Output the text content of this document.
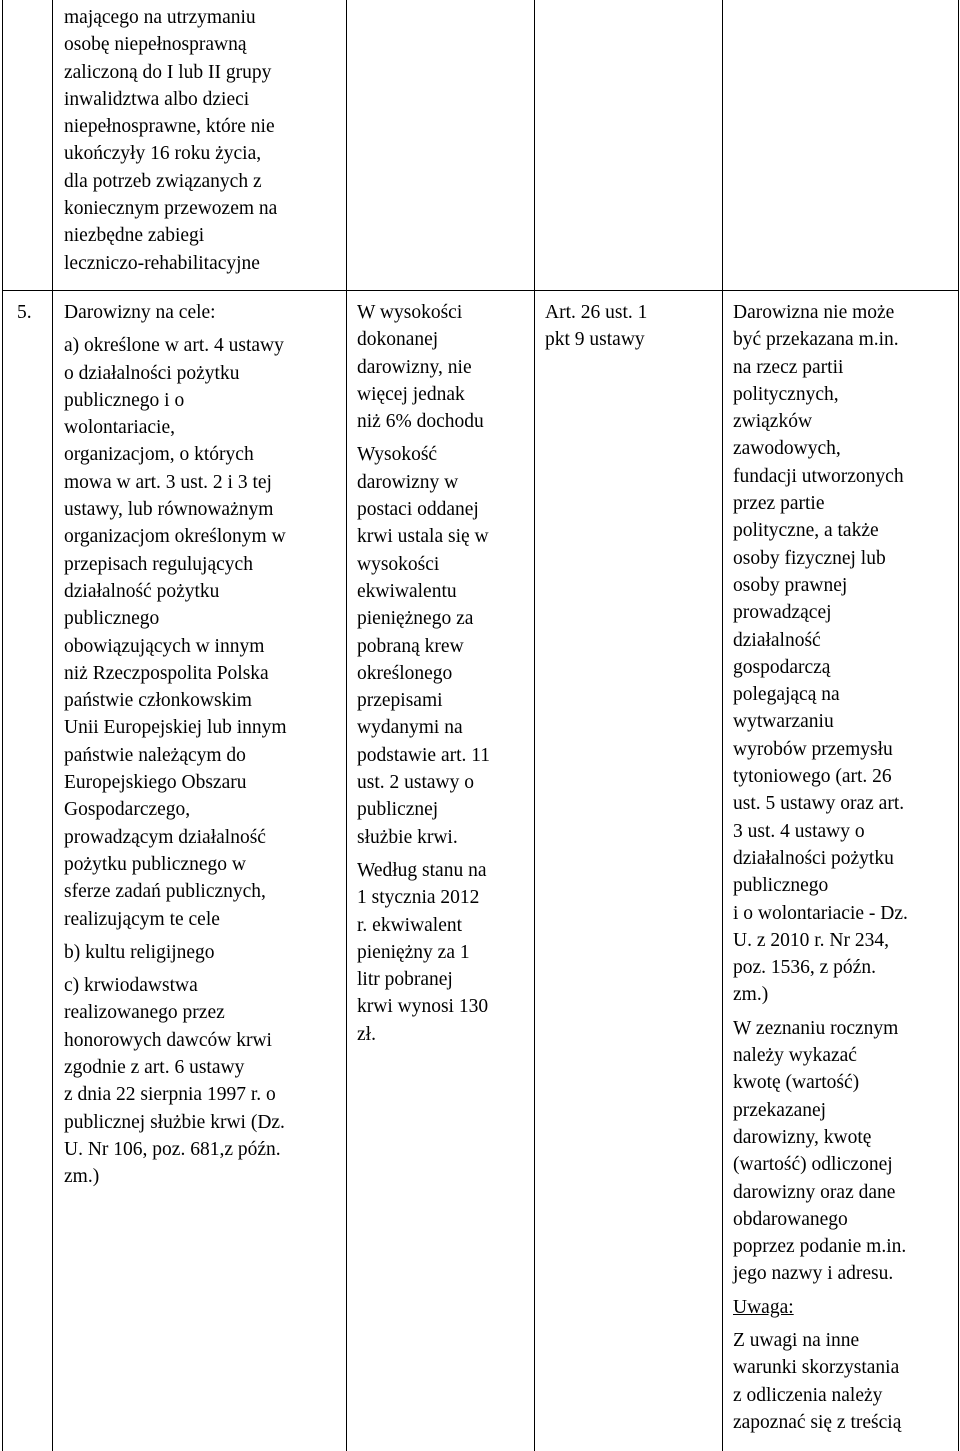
mającego na utrzymaniu
osobę niepełnosprawną
zaliczoną do I lub II grupy
inwalidztwa albo dzieci
niepełnosprawne, które nie
ukończyły 16 roku życia,
dla potrzeb związanych z
koniecznym przewozem na
niezbędne zabiegi
leczniczo-rehabilitacyjne
5. Darowizny na cele:
a) określone w art. 4 ustawy
o działalności pożytku
publicznego i o
wolontariacie,
organizacjom, o których
mowa w art. 3 ust. 2 i 3 tej
ustawy, lub równoważnym
organizacjom określonym w
przepisach regulujących
działalność pożytku
publicznego
obowiązujących w innym
niż Rzeczpospolita Polska
państwie członkowskim
Unii Europejskiej lub innym
państwie należącym do
Europejskiego Obszaru
Gospodarczego,
prowadzącym działalność
pożytku publicznego w
sferze zadań publicznych,
realizującym te cele
b) kultu religijnego
c) krwiodawstwa
realizowanego przez
honorowych dawców krwi
zgodnie z art. 6 ustawy
z dnia 22 sierpnia 1997 r. o
publicznej służbie krwi (Dz.
U. Nr 106, poz. 681,z późn.
zm.)
W wysokości
dokonanej
darowizny, nie
więcej jednak
niż 6% dochodu
Wysokość
darowizny w
postaci oddanej
krwi ustala się w
wysokości
ekwiwalentu
pieniężnego za
pobraną krew
określonego
przepisami
wydanymi na
podstawie art. 11
ust. 2 ustawy o
publicznej
służbie krwi.
Według stanu na
1 stycznia 2012
r. ekwiwalent
pieniężny za 1
litr pobranej
krwi wynosi 130
zł.
Art. 26 ust. 1
pkt 9 ustawy
Darowizna nie może
być przekazana m.in.
na rzecz partii
politycznych,
związków
zawodowych,
fundacji utworzonych
przez partie
polityczne, a także
osoby fizycznej lub
osoby prawnej
prowadzącej
działalność
gospodarczą
polegającą na
wytwarzaniu
wyrobów przemysłu
tytoniowego (art. 26
ust. 5 ustawy oraz art.
3 ust. 4 ustawy o
działalności pożytku
publicznego
i o wolontariacie - Dz.
U. z 2010 r. Nr 234,
poz. 1536, z późn.
zm.)
W zeznaniu rocznym
należy wykazać
kwotę (wartość)
przekazanej
darowizny, kwotę
(wartość) odliczonej
darowizny oraz dane
obdarowanego
poprzez podanie m.in.
jego nazwy i adresu.
Uwaga:
Z uwagi na inne
warunki skorzystania
z odliczenia należy
zapoznać się z treścią
